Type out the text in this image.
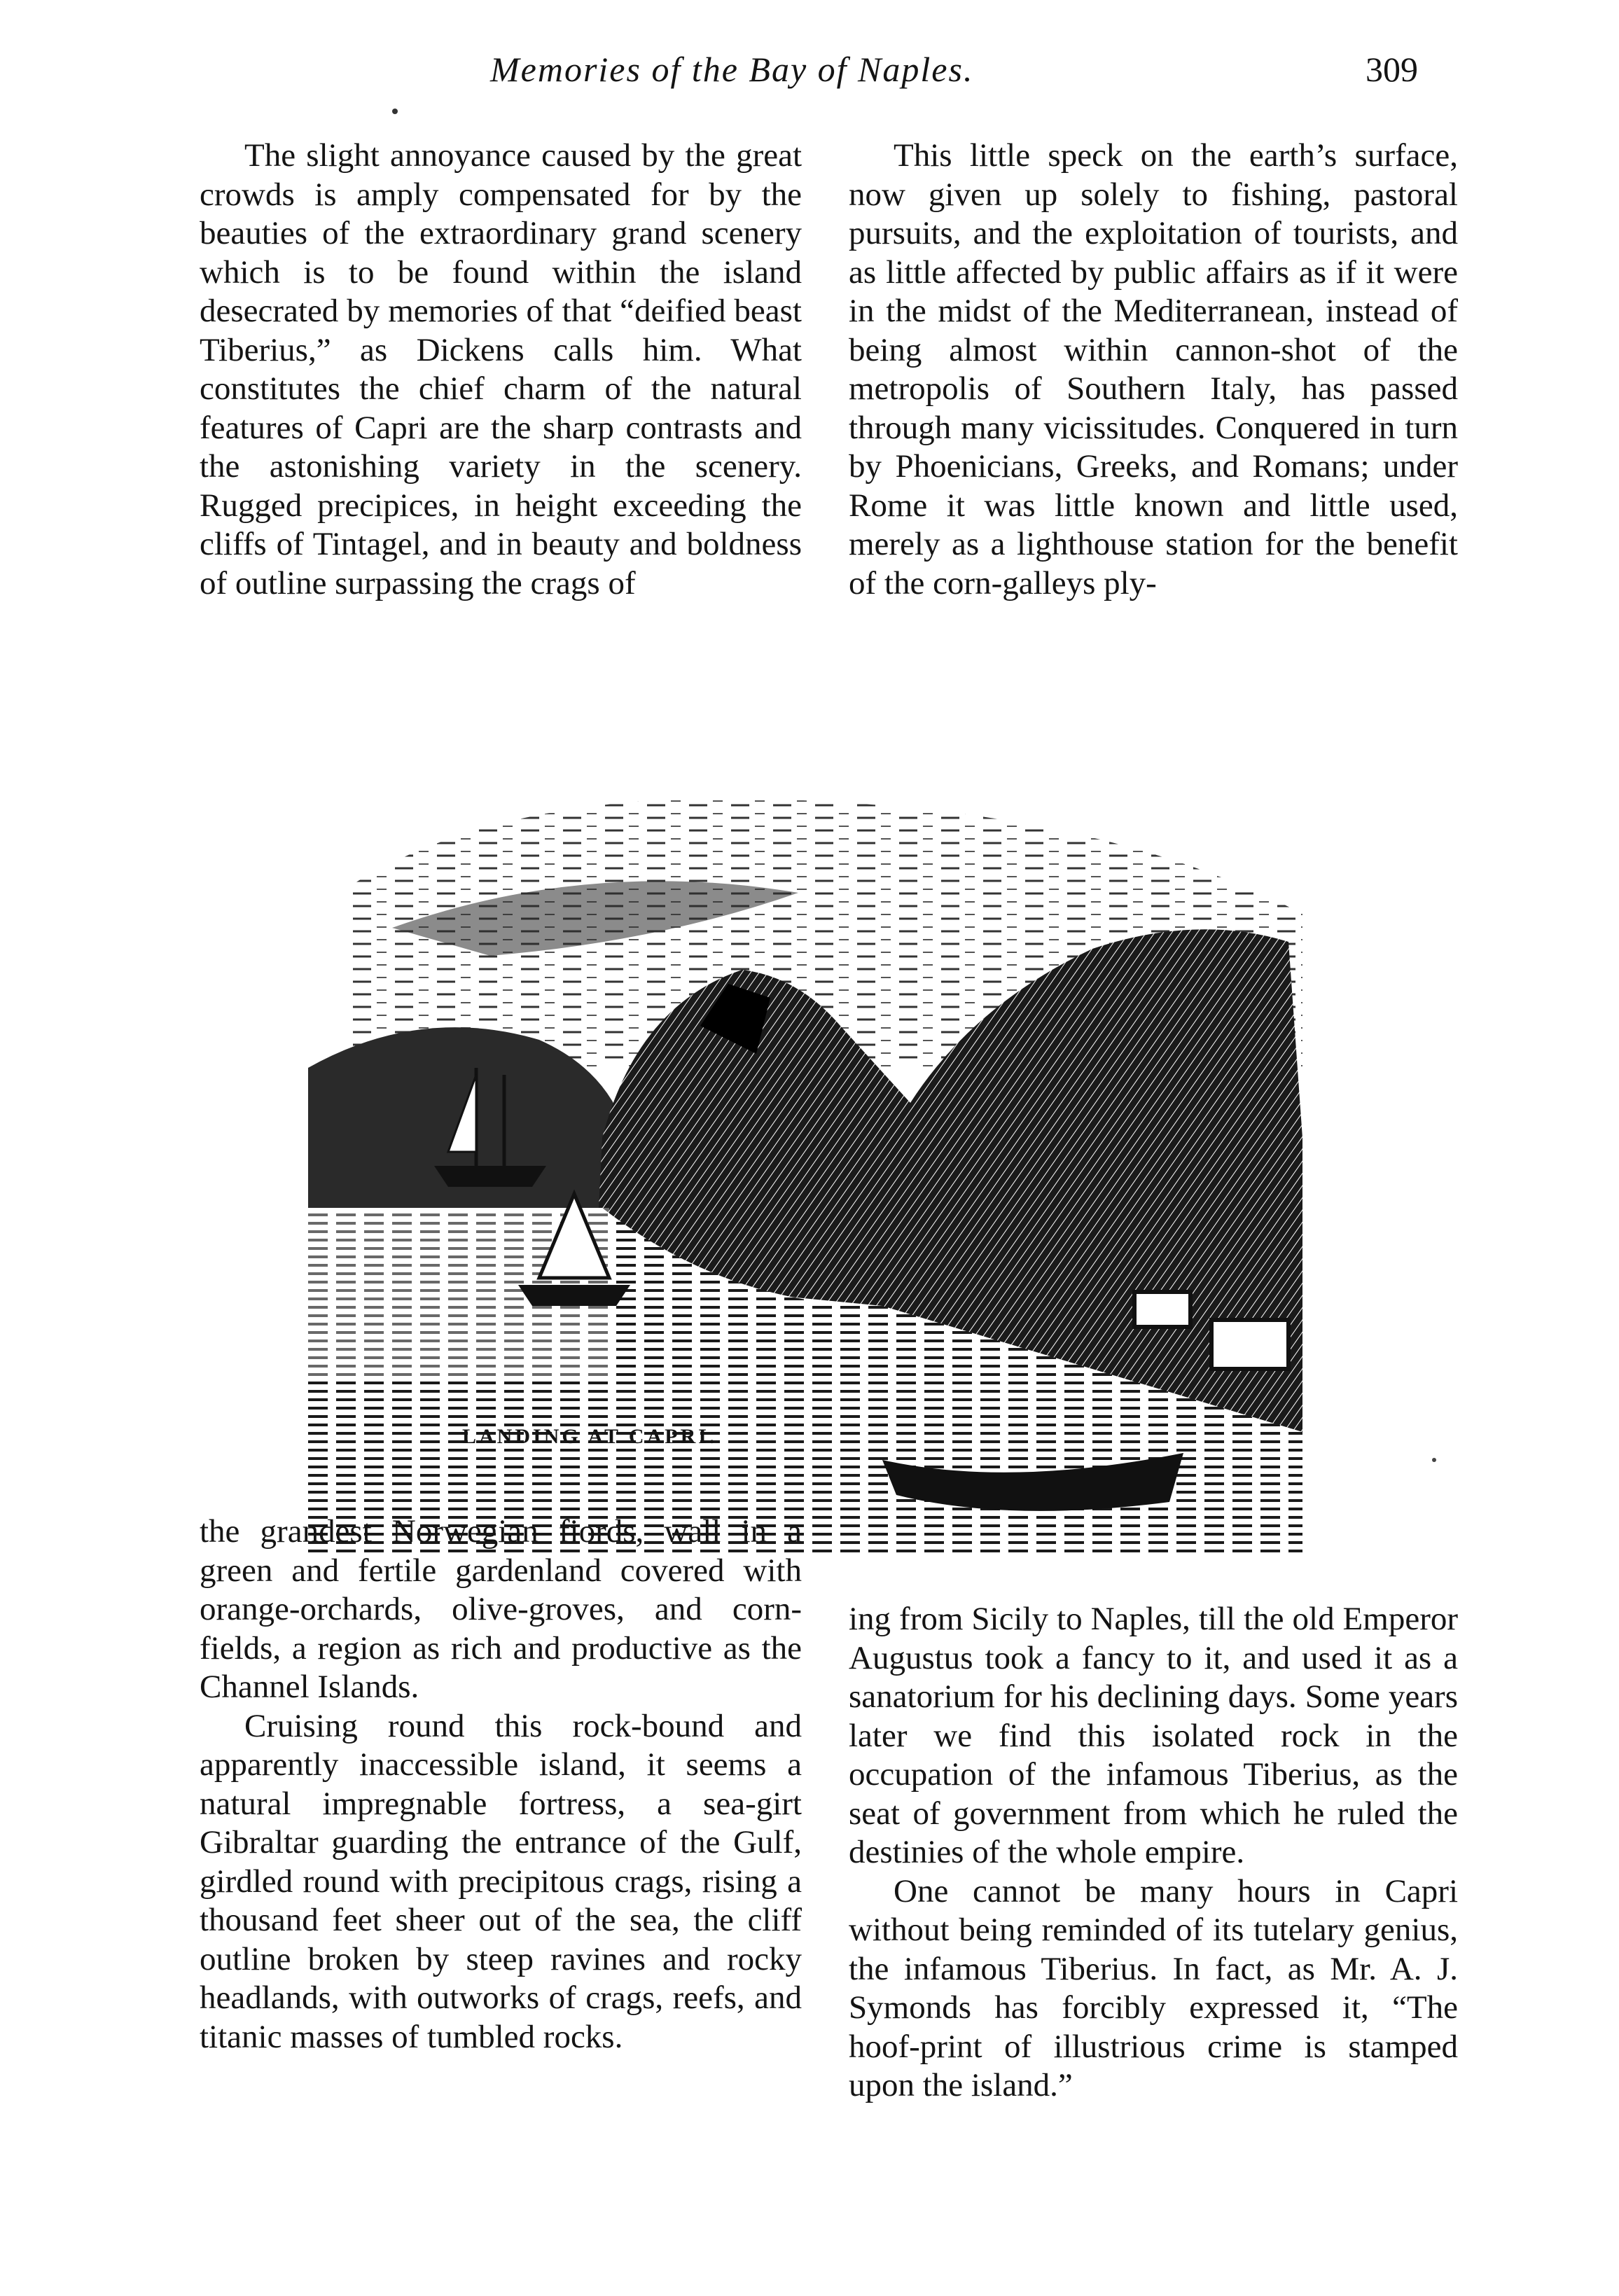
Memories of the Bay of Naples.	309

The slight annoyance caused by the great crowds is amply compensated for by the beauties of the extraordinary grand scenery which is to be found within the island desecrated by memories of that “deified beast Tiberius,” as Dickens calls him. What constitutes the chief charm of the natural features of Capri are the sharp contrasts and the astonishing variety in the scenery. Rugged precipices, in height exceeding the cliffs of Tintagel, and in beauty and boldness of outline surpassing the crags of

This little speck on the earth’s surface, now given up solely to fishing, pastoral pursuits, and the exploitation of tourists, and as little affected by public affairs as if it were in the midst of the Mediterranean, instead of being almost within cannon-shot of the metropolis of Southern Italy, has passed through many vicissitudes. Conquered in turn by Phoenicians, Greeks, and Romans; under Rome it was little known and little used, merely as a lighthouse station for the benefit of the corn-galleys ply-

LANDING AT CAPRI.

the grandest Norwegian fiords, wall in a green and fertile gardenland covered with orange-orchards, olive-groves, and corn-fields, a region as rich and productive as the Channel Islands.

Cruising round this rock-bound and apparently inaccessible island, it seems a natural impregnable fortress, a sea-girt Gibraltar guarding the entrance of the Gulf, girdled round with precipitous crags, rising a thousand feet sheer out of the sea, the cliff outline broken by steep ravines and rocky headlands, with outworks of crags, reefs, and titanic masses of tumbled rocks.

ing from Sicily to Naples, till the old Emperor Augustus took a fancy to it, and used it as a sanatorium for his declining days. Some years later we find this isolated rock in the occupation of the infamous Tiberius, as the seat of government from which he ruled the destinies of the whole empire.

One cannot be many hours in Capri without being reminded of its tutelary genius, the infamous Tiberius. In fact, as Mr. A. J. Symonds has forcibly expressed it, “The hoof-print of illustrious crime is stamped upon the island.”
